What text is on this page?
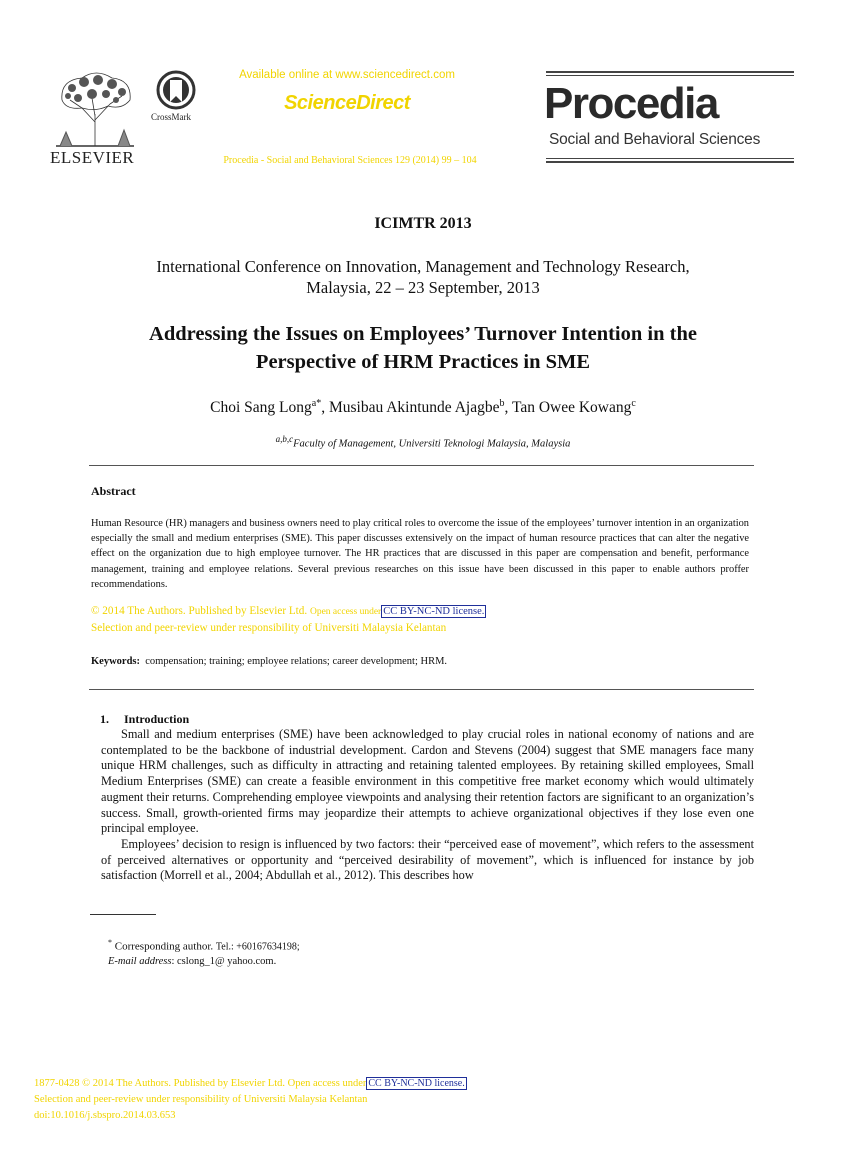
ELSEVIER
CrossMark
Available online at www.sciencedirect.com
ScienceDirect
Procedia - Social and Behavioral Sciences 129 (2014) 99 – 104
Procedia
Social and Behavioral Sciences
ICIMTR 2013
International Conference on Innovation, Management and Technology Research,
Malaysia, 22 – 23 September, 2013
Addressing the Issues on Employees’ Turnover Intention in the
Perspective of HRM Practices in SME
Choi Sang Long$^{a*}$, Musibau Akintunde Ajagbe$^b$, Tan Owee Kowang$^c$
$^{a,b,c}$Faculty of Management, Universiti Teknologi Malaysia, Malaysia
Abstract
Human Resource (HR) managers and business owners need to play critical roles to overcome the issue of the employees’ turnover intention in an organization especially the small and medium enterprises (SME). This paper discusses extensively on the impact of human resource practices that can alter the negative effect on the organization due to high employee turnover. The HR practices that are discussed in this paper are compensation and benefit, performance management, training and employee relations. Several previous researches on this issue have been discussed in this paper to enable authors proffer recommendations.
© 2014 The Authors. Published by Elsevier Ltd. Open access under CC BY-NC-ND license.
Selection and peer-review under responsibility of Universiti Malaysia Kelantan
Keywords: compensation; training; employee relations; career development; HRM.
1. Introduction

Small and medium enterprises (SME) have been acknowledged to play crucial roles in national economy of nations and are contemplated to be the backbone of industrial development. Cardon and Stevens (2004) suggest that SME managers face many unique HRM challenges, such as difficulty in attracting and retaining talented employees. By retaining skilled employees, Small Medium Enterprises (SME) can create a feasible environment in this competitive free market economy which would ultimately augment their returns. Comprehending employee viewpoints and analysing their retention factors are significant to an organization’s success. Small, growth-oriented firms may jeopardize their attempts to achieve organizational objectives if they lose even one principal employee.

Employees’ decision to resign is influenced by two factors: their “perceived ease of movement”, which refers to the assessment of perceived alternatives or opportunity and “perceived desirability of movement”, which is influenced for instance by job satisfaction (Morrell et al., 2004; Abdullah et al., 2012). This describes how

* Corresponding author. Tel.: +60167634198;
E-mail address: cslong_1@ yahoo.com.
1877-0428 © 2014 The Authors. Published by Elsevier Ltd. Open access under CC BY-NC-ND license.
Selection and peer-review under responsibility of Universiti Malaysia Kelantan
doi:10.1016/j.sbspro.2014.03.653
